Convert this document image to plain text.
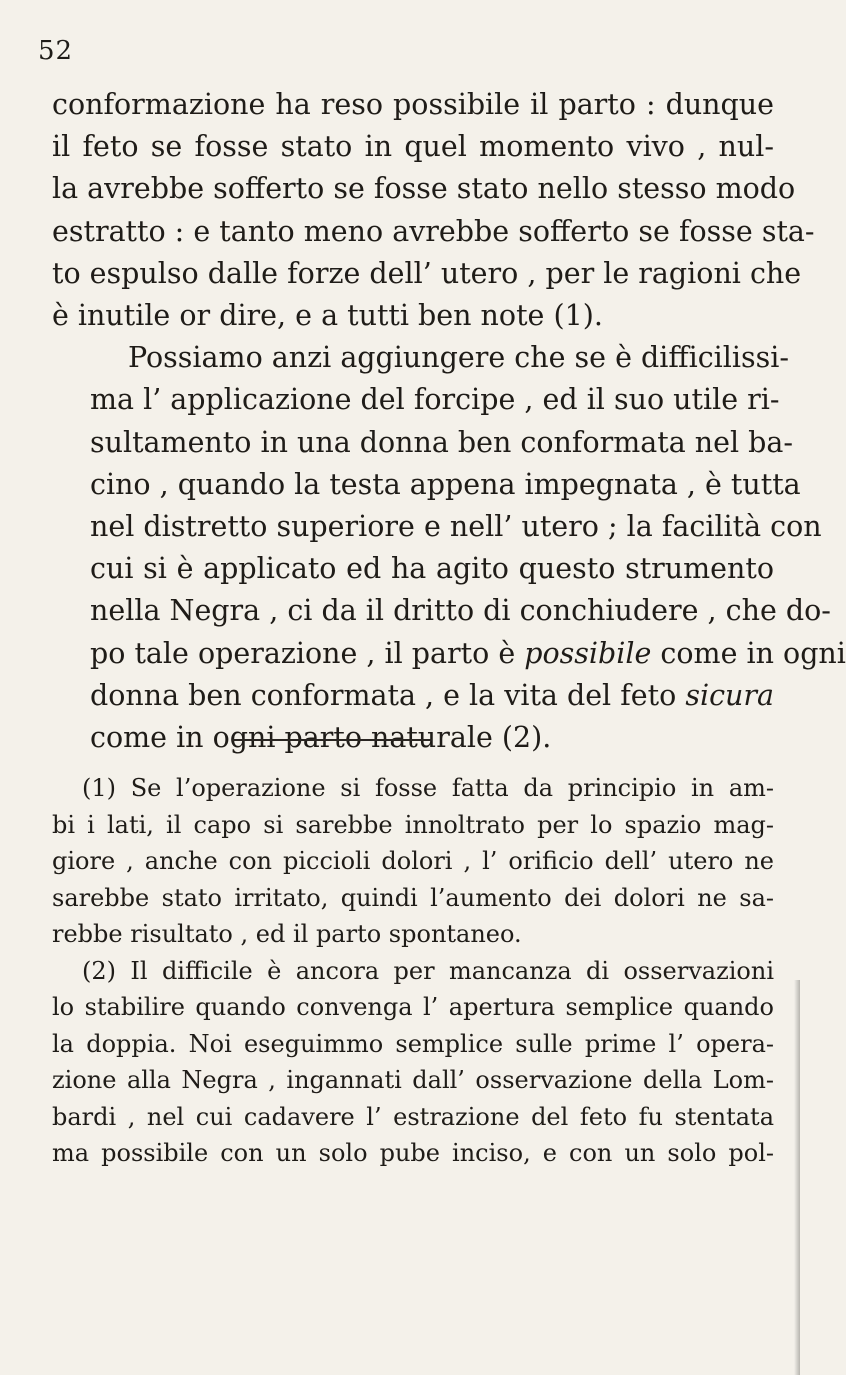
52

conformazione ha reso possibile il parto : dunque
il feto se fosse stato in quel momento vivo , nul-
la avrebbe sofferto se fosse stato nello stesso modo
estratto : e tanto meno avrebbe sofferto se fosse sta-
to espulso dalle forze dell’ utero , per le ragioni che
è inutile or dire, e a tutti ben note (1).

Possiamo anzi aggiungere che se è difficilissi-
ma l’ applicazione del forcipe , ed il suo utile ri-
sultamento in una donna ben conformata nel ba-
cino , quando la testa appena impegnata , è tutta
nel distretto superiore e nell’ utero ; la facilità con
cui si è applicato ed ha agito questo strumento
nella Negra , ci da il dritto di conchiudere , che do-
po tale operazione , il parto è possibile come in ogni
donna ben conformata , e la vita del feto sicura
come in ogni parto naturale (2).

(1) Se l’operazione si fosse fatta da principio in am-
bi i lati, il capo si sarebbe innoltrato per lo spazio mag-
giore , anche con piccioli dolori , l’ orificio dell’ utero ne
sarebbe stato irritato, quindi l’aumento dei dolori ne sa-
rebbe risultato , ed il parto spontaneo.

(2) Il difficile è ancora per mancanza di osservazioni
lo stabilire quando convenga l’ apertura semplice quando
la doppia. Noi eseguimmo semplice sulle prime l’ opera-
zione alla Negra , ingannati dall’ osservazione della Lom-
bardi , nel cui cadavere l’ estrazione del feto fu stentata
ma possibile con un solo pube inciso, e con un solo pol-
